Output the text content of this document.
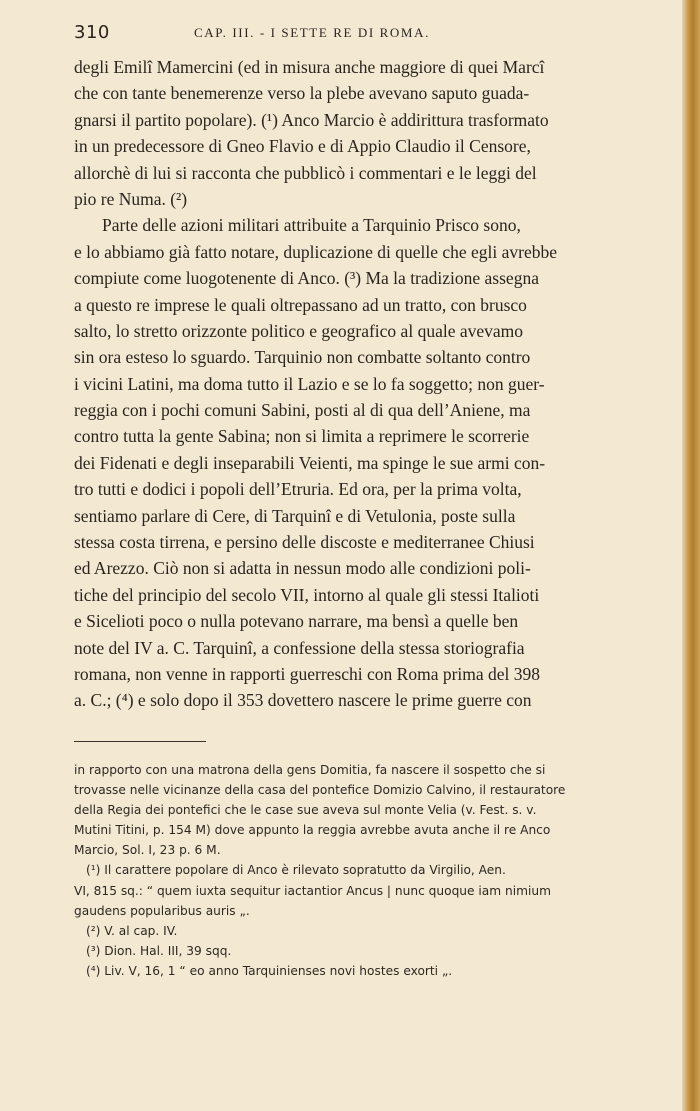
310	CAP. III. - I SETTE RE DI ROMA.
degli Emilî Mamercini (ed in misura anche maggiore di quei Marcî
che con tante benemerenze verso la plebe avevano saputo guada-
gnarsi il partito popolare). (¹) Anco Marcio è addirittura trasformato
in un predecessore di Gneo Flavio e di Appio Claudio il Censore,
allorchè di lui si racconta che pubblicò i commentari e le leggi del
pio re Numa. (²)
Parte delle azioni militari attribuite a Tarquinio Prisco sono,
e lo abbiamo già fatto notare, duplicazione di quelle che egli avrebbe
compiute come luogotenente di Anco. (³) Ma la tradizione assegna
a questo re imprese le quali oltrepassano ad un tratto, con brusco
salto, lo stretto orizzonte politico e geografico al quale avevamo
sin ora esteso lo sguardo. Tarquinio non combatte soltanto contro
i vicini Latini, ma doma tutto il Lazio e se lo fa soggetto; non guer-
reggia con i pochi comuni Sabini, posti al di qua dell’Aniene, ma
contro tutta la gente Sabina; non si limita a reprimere le scorrerie
dei Fidenati e degli inseparabili Veienti, ma spinge le sue armi con-
tro tutti e dodici i popoli dell’Etruria. Ed ora, per la prima volta,
sentiamo parlare di Cere, di Tarquinî e di Vetulonia, poste sulla
stessa costa tirrena, e persino delle discoste e mediterranee Chiusi
ed Arezzo. Ciò non si adatta in nessun modo alle condizioni poli-
tiche del principio del secolo VII, intorno al quale gli stessi Italioti
e Sicelioti poco o nulla potevano narrare, ma bensì a quelle ben
note del IV a. C. Tarquinî, a confessione della stessa storiografia
romana, non venne in rapporti guerreschi con Roma prima del 398
a. C.; (⁴) e solo dopo il 353 dovettero nascere le prime guerre con
in rapporto con una matrona della gens Domitia, fa nascere il sospetto che si
trovasse nelle vicinanze della casa del pontefice Domizio Calvino, il restauratore
della Regia dei pontefici che le case sue aveva sul monte Velia (v. Fest. s. v.
Mutini Titini, p. 154 M) dove appunto la reggia avrebbe avuta anche il re Anco
Marcio, Sol. I, 23 p. 6 M.
(¹) Il carattere popolare di Anco è rilevato sopratutto da Virgilio, Aen.
VI, 815 sq.: “ quem iuxta sequitur iactantior Ancus | nunc quoque iam nimium
gaudens popularibus auris „.
(²) V. al cap. IV.
(³) Dion. Hal. III, 39 sqq.
(⁴) Liv. V, 16, 1 “ eo anno Tarquinienses novi hostes exorti „.
